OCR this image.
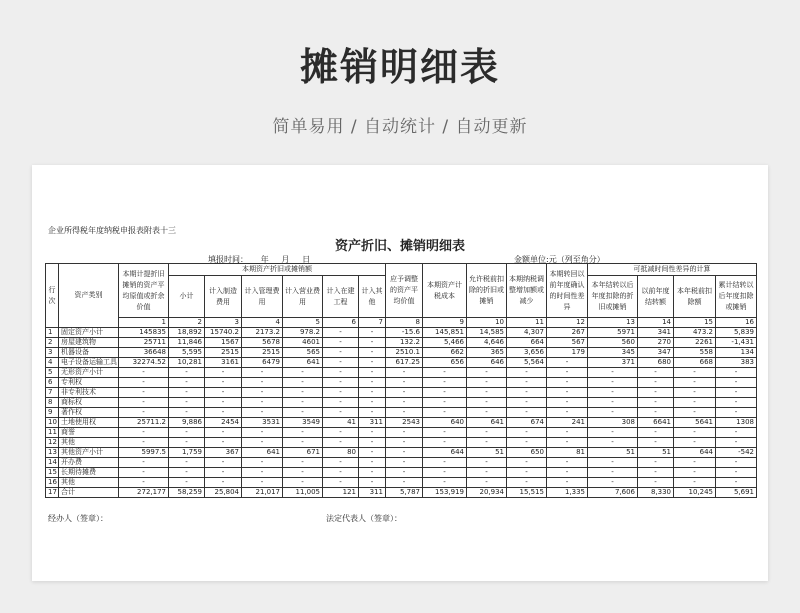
摊销明细表
简单易用 / 自动统计 / 自动更新
企业所得税年度纳税申报表附表十三
资产折旧、摊销明细表
填报时间：     年     月     日	金额单位:元（列至角分）
行次	资产类别	本期计提折旧摊销的资产平均原值或折余价值	本期资产折旧或摊销额						应予调整的资产平均价值	本期资产计税成本	允许税前扣除的折旧或摊销	本期纳税调整增加额或减少	本期转回以前年度确认的时间性差异	可抵减时间性差异的计算			
			小计	计入制造费用	计入管理费用	计入营业费用	计入在建工程	计入其他						本年结转以后年度扣除的折旧或摊销	以前年度结转额	本年税前扣除额	累计结转以后年度扣除或摊销
		1	2	3	4	5	6	7	8	9	10	11	12	13	14	15	16
1	固定资产小计	145835	18,892	15740.2	2173.2	978.2	-	-	-15.6	145,851	14,585	4,307	267	5971	341	473.2	5,839
2	房屋建筑物	25711	11,846	1567	5678	4601	-	-	132.2	5,466	4,646	664	567	560	270	2261	-1,431
3	机器设备	36648	5,595	2515	2515	565	-	-	2510.1	662	365	3,656	179	345	347	558	134
4	电子设备运输工具	32274.52	10,281	3161	6479	641	-	-	617.25	656	646	5,564	-	371	680	668	383
5	无形资产小计	-	-	-	-	-	-	-	-	-	-	-	-	-	-	-	-
6	专利权	-	-	-	-	-	-	-	-	-	-	-	-	-	-	-	-
7	非专利技术	-	-	-	-	-	-	-	-	-	-	-	-	-	-	-	-
8	商标权	-	-	-	-	-	-	-	-	-	-	-	-	-	-	-	-
9	著作权	-	-	-	-	-	-	-	-	-	-	-	-	-	-	-	-
10	土地使用权	25711.2	9,886	2454	3531	3549	41	311	2543	640	641	674	241	308	6641	5641	1308
11	商誉	-	-	-	-	-	-	-	-	-	-	-	-	-	-	-	-
12	其他	-	-	-	-	-	-	-	-	-	-	-	-	-	-	-	-
13	其他资产小计	5997.5	1,759	367	641	671	80	-	-	644	51	650	81	51	51	644	-542
14	开办费	-	-	-	-	-	-	-	-	-	-	-	-	-	-	-	-
15	长期待摊费	-	-	-	-	-	-	-	-	-	-	-	-	-	-	-	-
16	其他	-	-	-	-	-	-	-	-	-	-	-	-	-	-	-	-
17	合计	272,177	58,259	25,804	21,017	11,005	121	311	5,787	153,919	20,934	15,515	1,335	7,606	8,330	10,245	5,691
经办人（签章）：	法定代表人（签章）：
